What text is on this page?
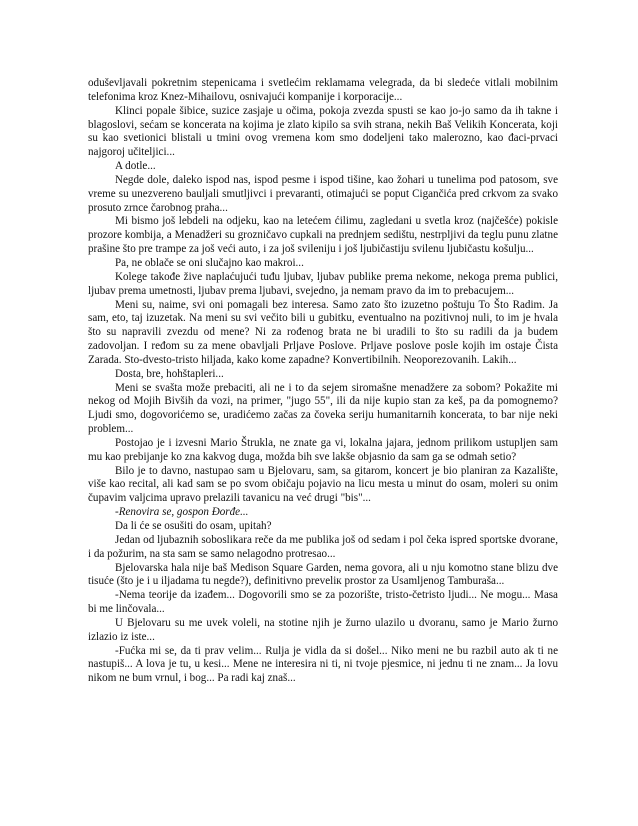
oduševljavali pokretnim stepenicama i svetlećim reklamama velegrada, da bi sledeće vitlali mobilnim telefonima kroz Knez-Mihailovu, osnivajući kompanije i korporacije...

Klinci popale šibice, suzice zasjaje u očima, pokoja zvezda spusti se kao jo-jo samo da ih takne i blagoslovi, sećam se koncerata na kojima je zlato kipilo sa svih strana, nekih Baš Velikih Koncerata, koji su kao svetionici blistali u tmini ovog vremena kom smo dodeljeni tako malerozno, kao đaci-prvaci najgoroj učiteljici...

A dotle...

Negde dole, daleko ispod nas, ispod pesme i ispod tišine, kao žohari u tunelima pod patosom, sve vreme su unezvereno bauljali smutljivci i prevaranti, otimajući se poput Cigančića pred crkvom za svako prosuto zrnce čarobnog praha...

Mi bismo još lebdeli na odjeku, kao na letećem ćilimu, zagledani u svetla kroz (najčešće) pokisle prozore kombija, a Menadžeri su grozničavo cupkali na prednjem sedištu, nestrpljivi da teglu punu zlatne prašine što pre trampe za još veći auto, i za još svileniju i još ljubičastiju svilenu ljubičastu košulju...

Pa, ne oblače se oni slučajno kao makroi...

Kolege takođe žive naplaćujući tuđu ljubav, ljubav publike prema nekome, nekoga prema publici, ljubav prema umetnosti, ljubav prema ljubavi, svejedno, ja nemam pravo da im to prebacujem...

Meni su, naime, svi oni pomagali bez interesa. Samo zato što izuzetno poštuju To Što Radim. Ja sam, eto, taj izuzetak. Na meni su svi večito bili u gubitku, eventualno na pozitivnoj nuli, to im je hvala što su napravili zvezdu od mene? Ni za rođenog brata ne bi uradili to što su radili da ja budem zadovoljan. I ređom su za mene obavljali Prljave Poslove. Prljave poslove posle kojih im ostaje Čista Zarada. Sto-dvesto-tristo hiljada, kako kome zapadne? Konvertibilnih. Neoporezovanih. Lakih...

Dosta, bre, hohštapleri...

Meni se svašta može prebaciti, ali ne i to da sejem siromašne menadžere za sobom? Pokažite mi nekog od Mojih Bivših da vozi, na primer, "jugo 55", ili da nije kupio stan za keš, pa da pomognemo? Ljudi smo, dogovorićemo se, uradićemo začas za čoveka seriju humanitarnih koncerata, to bar nije neki problem...

Postojao je i izvesni Mario Štrukla, ne znate ga vi, lokalna jajara, jednom prilikom ustupljen sam mu kao prebijanje ko zna kakvog duga, možda bih sve lakše objasnio da sam ga se odmah setio?

Bilo je to davno, nastupao sam u Bjelovaru, sam, sa gitarom, koncert je bio planiran za Kazalište, više kao recital, ali kad sam se po svom običaju pojavio na licu mesta u minut do osam, moleri su onim čupavim valjcima upravo prelazili tavanicu na već drugi "bis"...

-Renovira se, gospon Đorđe...

Da li će se osušiti do osam, upitah?

Jedan od ljubaznih soboslikara reče da me publika još od sedam i pol čeka ispred sportske dvorane, i da požurim, na sta sam se samo nelagodno protresao...

Bjelovarska hala nije baš Medison Square Garden, nema govora, ali u nju komotno stane blizu dve tisuće (što je i u iljadama tu negde?), definitivno preveliк prostor za Usamljenog Tamburaša...

-Nema teorije da izađem... Dogovorili smo se za pozorište, tristo-četristo ljudi... Ne mogu... Masa bi me linčovala...

U Bjelovaru su me uvek voleli, na stotine njih je žurno ulazilo u dvoranu, samo je Mario žurno izlazio iz iste...

-Fućka mi se, da ti prav velim... Rulja je vidla da si došel... Niko meni ne bu razbil auto ak ti ne nastupiš... A lova je tu, u kesi... Mene ne interesira ni ti, ni tvoje pjesmice, ni jednu ti ne znam... Ja lovu nikom ne bum vrnul, i bog... Pa radi kaj znaš...
